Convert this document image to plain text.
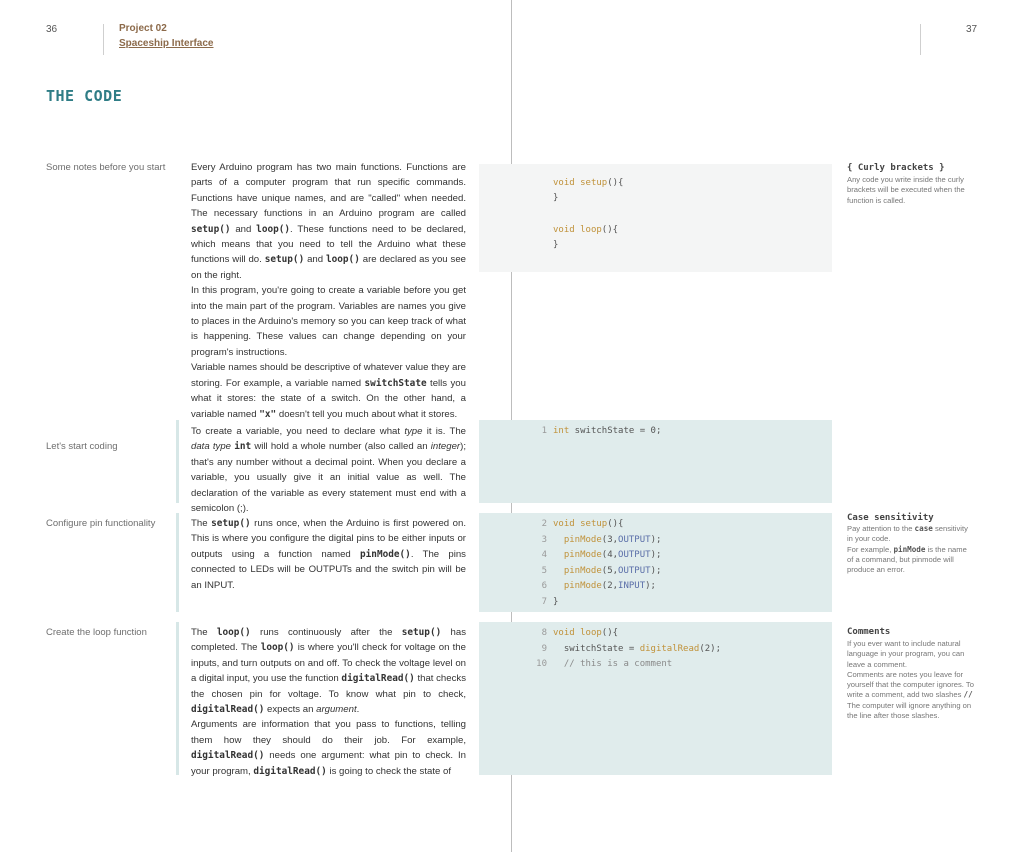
36	Project 02
Spaceship Interface
37
THE CODE
Some notes before you start	Every Arduino program has two main functions. Functions are parts of a computer program that run specific commands. Functions have unique names, and are "called" when needed. The necessary functions in an Arduino program are called setup() and loop(). These functions need to be declared, which means that you need to tell the Arduino what these functions will do. setup() and loop() are declared as you see on the right.

In this program, you're going to create a variable before you get into the main part of the program. Variables are names you give to places in the Arduino's memory so you can keep track of what is happening. These values can change depending on your program's instructions.

Variable names should be descriptive of whatever value they are storing. For example, a variable named switchState tells you what it stores: the state of a switch. On the other hand, a variable named "x" doesn't tell you much about what it stores.

Let's start coding

To create a variable, you need to declare what type it is. The data type int will hold a whole number (also called an integer); that's any number without a decimal point. When you declare a variable, you usually give it an initial value as well. The declaration of the variable as every statement must end with a semicolon (;).

Configure pin functionality	The setup() runs once, when the Arduino is first powered on. This is where you configure the digital pins to be either inputs or outputs using a function named pinMode(). The pins connected to LEDs will be OUTPUTs and the switch pin will be an INPUT.

Create the loop function	The loop() runs continuously after the setup() has completed. The loop() is where you'll check for voltage on the inputs, and turn outputs on and off. To check the voltage level on a digital input, you use the function digitalRead() that checks the chosen pin for voltage. To know what pin to check, digitalRead() expects an argument.

Arguments are information that you pass to functions, telling them how they should do their job. For example, digitalRead() needs one argument: what pin to check. In your program, digitalRead() is going to check the state of

void setup(){
}
void loop(){
}
1 int switchState = 0;
2 void setup(){
3 pinMode(3,OUTPUT);
4 pinMode(4,OUTPUT);
5 pinMode(5,OUTPUT);
6 pinMode(2,INPUT);
7 }
8 void loop(){
9  switchState = digitalRead(2);
10 // this is a comment
{ Curly brackets }
Any code you write inside the curly brackets will be executed when the function is called.
Case sensitivity
Pay attention to the case sensitivity in your code.
For example, pinMode is the name of a command, but pinmode will produce an error.
Comments
If you ever want to include natural language in your program, you can leave a comment.
Comments are notes you leave for yourself that the computer ignores. To write a comment, add two slashes //
The computer will ignore anything on the line after those slashes.
